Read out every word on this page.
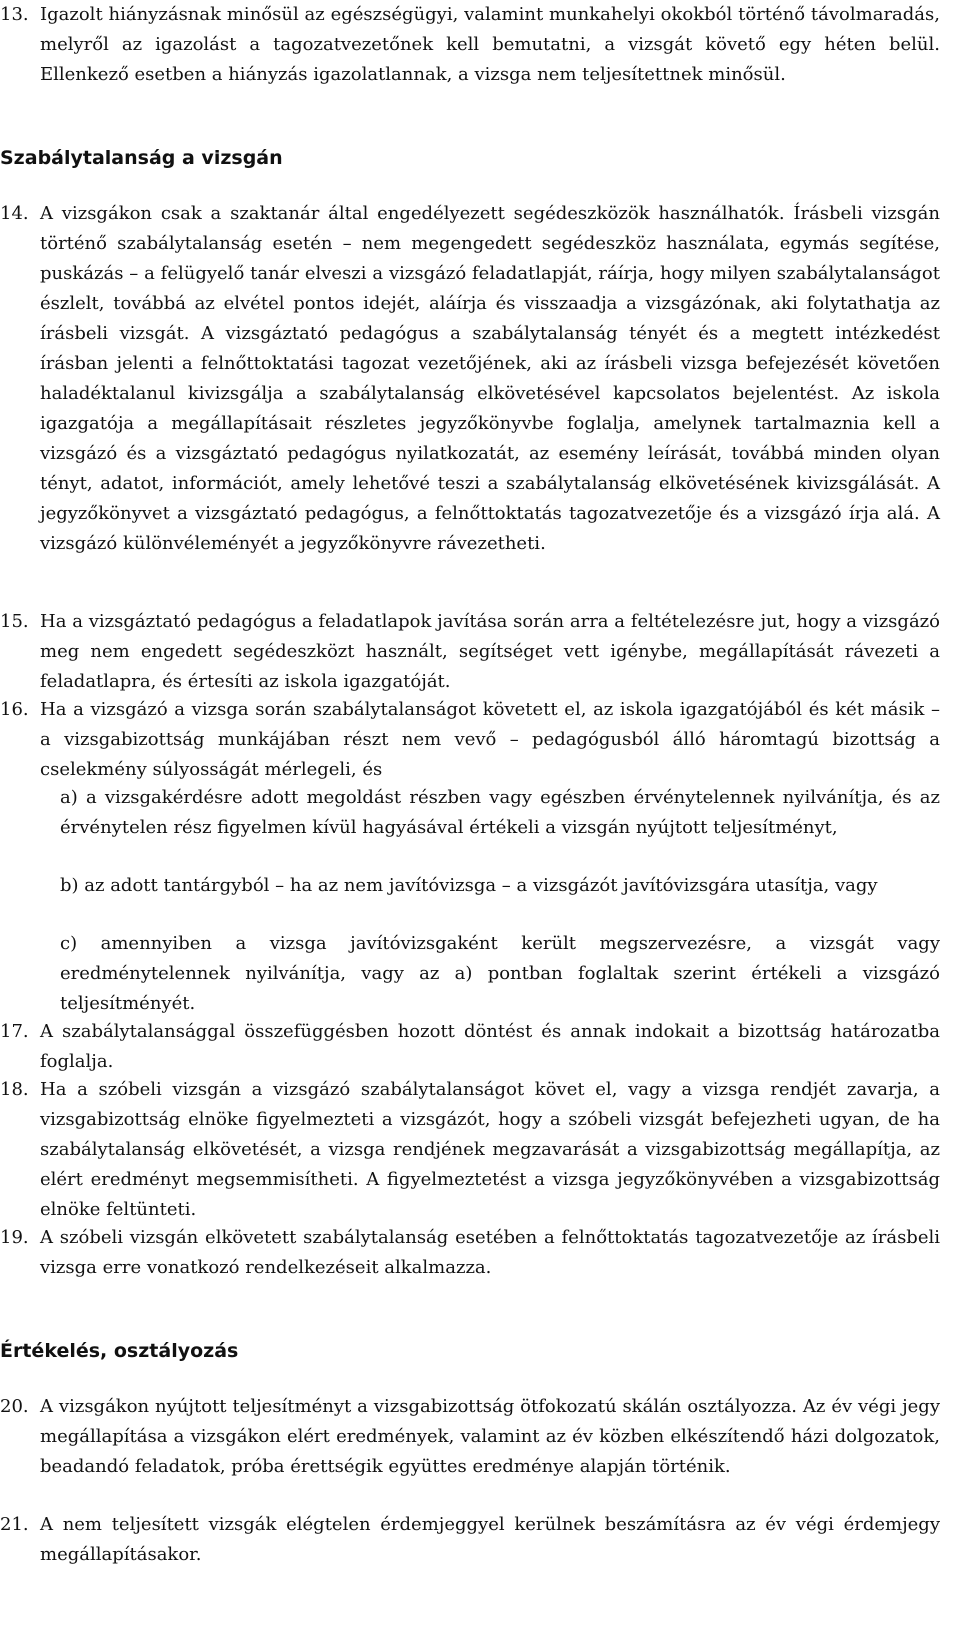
13. Igazolt hiányzásnak minősül az egészségügyi, valamint munkahelyi okokból történő távolmaradás, melyről az igazolást a tagozatvezetőnek kell bemutatni, a vizsgát követő egy héten belül. Ellenkező esetben a hiányzás igazolatlannak, a vizsga nem teljesítettnek minősül.
Szabálytalanság a vizsgán
14. A vizsgákon csak a szaktanár által engedélyezett segédeszközök használhatók. Írásbeli vizsgán történő szabálytalanság esetén – nem megengedett segédeszköz használata, egymás segítése, puskázás – a felügyelő tanár elveszi a vizsgázó feladatlapját, ráírja, hogy milyen szabálytalanságot észlelt, továbbá az elvétel pontos idejét, aláírja és visszaadja a vizsgázónak, aki folytathatja az írásbeli vizsgát. A vizsgáztató pedagógus a szabálytalanság tényét és a megtett intézkedést írásban jelenti a felnőttoktatási tagozat vezetőjének, aki az írásbeli vizsga befejezését követően haladéktalanul kivizsgálja a szabálytalanság elkövetésével kapcsolatos bejelentést. Az iskola igazgatója a megállapításait részletes jegyzőkönyvbe foglalja, amelynek tartalmaznia kell a vizsgázó és a vizsgáztató pedagógus nyilatkozatát, az esemény leírását, továbbá minden olyan tényt, adatot, információt, amely lehetővé teszi a szabálytalanság elkövetésének kivizsgálását. A jegyzőkönyvet a vizsgáztató pedagógus, a felnőttoktatás tagozatvezetője és a vizsgázó írja alá. A vizsgázó különvéleményét a jegyzőkönyvre rávezetheti.
15. Ha a vizsgáztató pedagógus a feladatlapok javítása során arra a feltételezésre jut, hogy a vizsgázó meg nem engedett segédeszközt használt, segítséget vett igénybe, megállapítását rávezeti a feladatlapra, és értesíti az iskola igazgatóját.
16. Ha a vizsgázó a vizsga során szabálytalanságot követett el, az iskola igazgatójából és két másik – a vizsgabizottság munkájában részt nem vevő – pedagógusból álló háromtagú bizottság a cselekmény súlyosságát mérlegeli, és
a) a vizsgakérdésre adott megoldást részben vagy egészben érvénytelennek nyilvánítja, és az érvénytelen rész figyelmen kívül hagyásával értékeli a vizsgán nyújtott teljesítményt,
b) az adott tantárgyból – ha az nem javítóvizsga – a vizsgázót javítóvizsgára utasítja, vagy
c) amennyiben a vizsga javítóvizsgaként került megszervezésre, a vizsgát vagy eredménytelennek nyilvánítja, vagy az a) pontban foglaltak szerint értékeli a vizsgázó teljesítményét.
17. A szabálytalansággal összefüggésben hozott döntést és annak indokait a bizottság határozatba foglalja.
18. Ha a szóbeli vizsgán a vizsgázó szabálytalanságot követ el, vagy a vizsga rendjét zavarja, a vizsgabizottság elnöke figyelmezteti a vizsgázót, hogy a szóbeli vizsgát befejezheti ugyan, de ha szabálytalanság elkövetését, a vizsga rendjének megzavarását a vizsgabizottság megállapítja, az elért eredményt megsemmisítheti. A figyelmeztetést a vizsga jegyzőkönyvében a vizsgabizottság elnöke feltünteti.
19. A szóbeli vizsgán elkövetett szabálytalanság esetében a felnőttoktatás tagozatvezetője az írásbeli vizsga erre vonatkozó rendelkezéseit alkalmazza.
Értékelés, osztályozás
20. A vizsgákon nyújtott teljesítményt a vizsgabizottság ötfokozatú skálán osztályozza. Az év végi jegy megállapítása a vizsgákon elért eredmények, valamint az év közben elkészítendő házi dolgozatok, beadandó feladatok, próba érettségik együttes eredménye alapján történik.
21. A nem teljesített vizsgák elégtelen érdemjeggyel kerülnek beszámításra az év végi érdemjegy megállapításakor.
